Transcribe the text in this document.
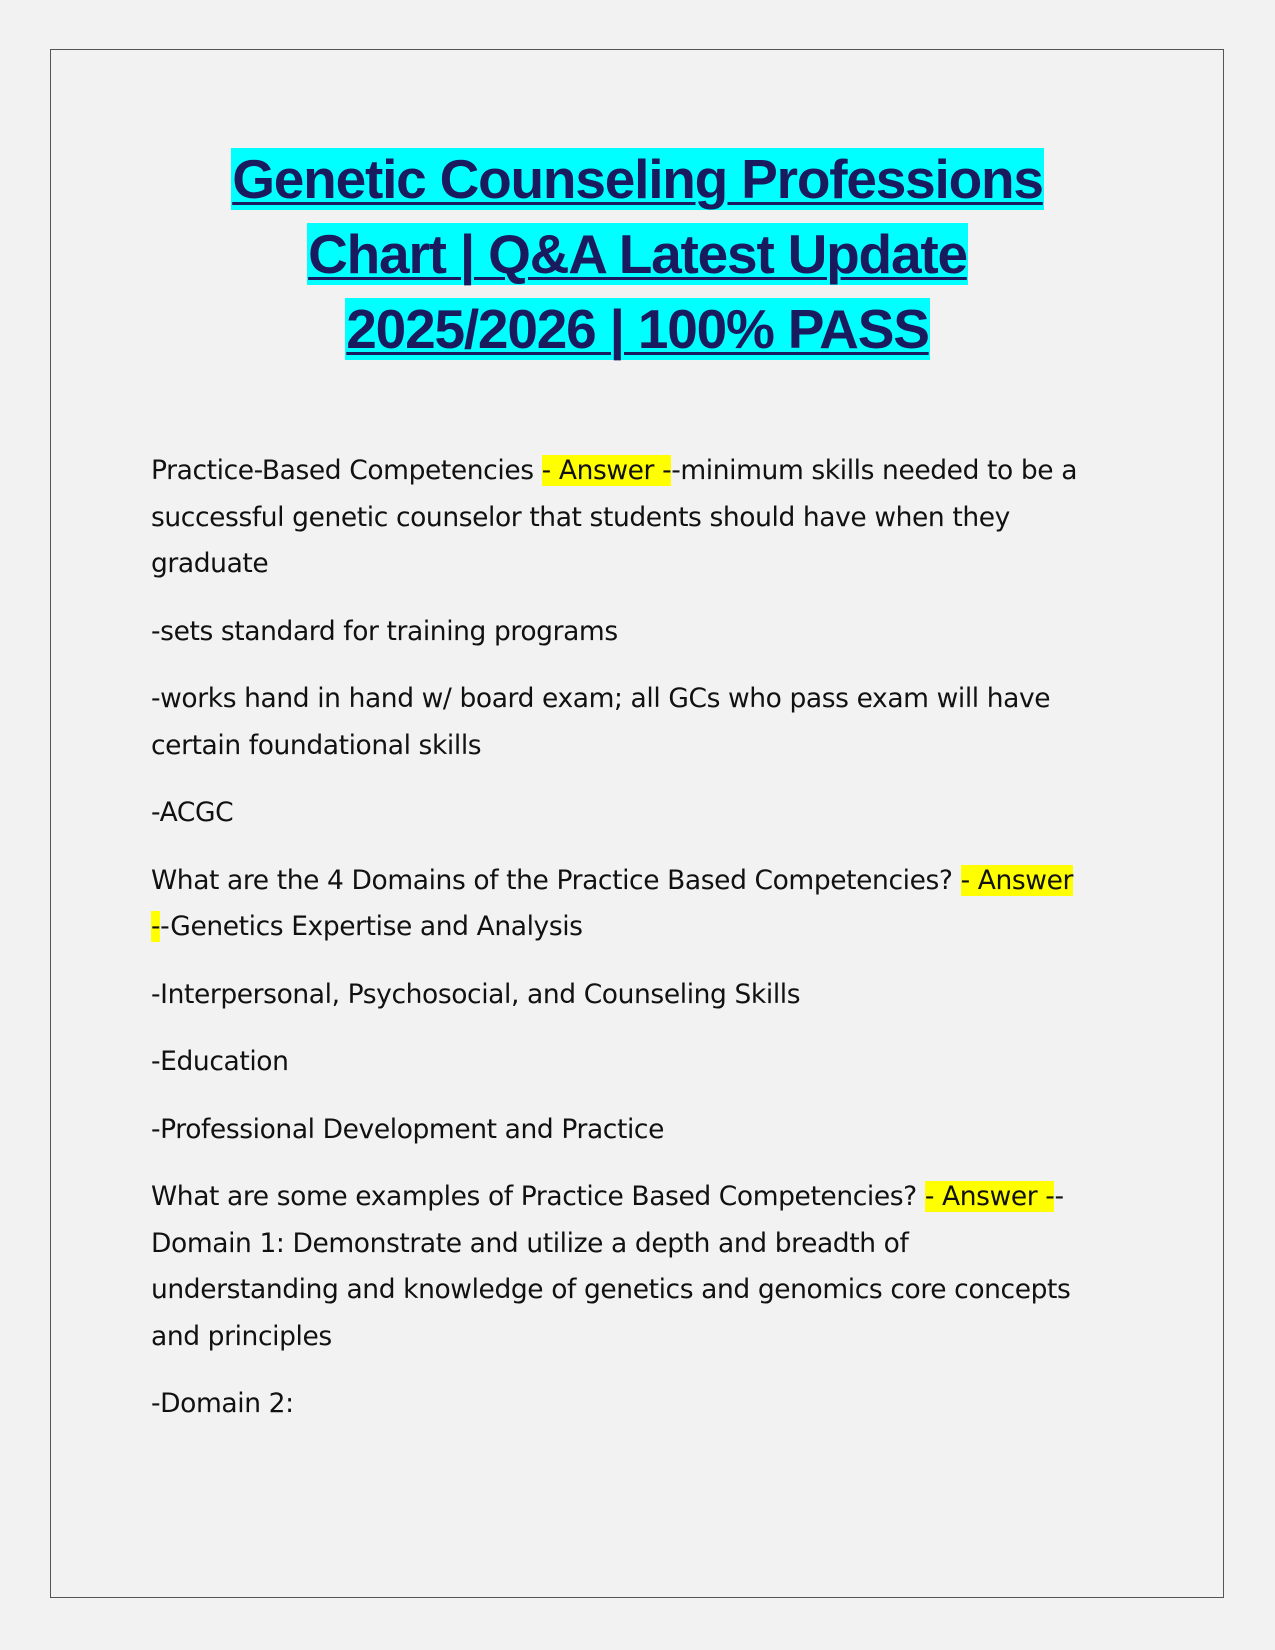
Genetic Counseling Professions
Chart | Q&A Latest Update
2025/2026 | 100% PASS

Practice-Based Competencies - Answer --minimum skills needed to be a
successful genetic counselor that students should have when they
graduate

-sets standard for training programs

-works hand in hand w/ board exam; all GCs who pass exam will have
certain foundational skills

-ACGC

What are the 4 Domains of the Practice Based Competencies? - Answer
--Genetics Expertise and Analysis

-Interpersonal, Psychosocial, and Counseling Skills

-Education

-Professional Development and Practice

What are some examples of Practice Based Competencies? - Answer --
Domain 1: Demonstrate and utilize a depth and breadth of
understanding and knowledge of genetics and genomics core concepts
and principles

-Domain 2:
